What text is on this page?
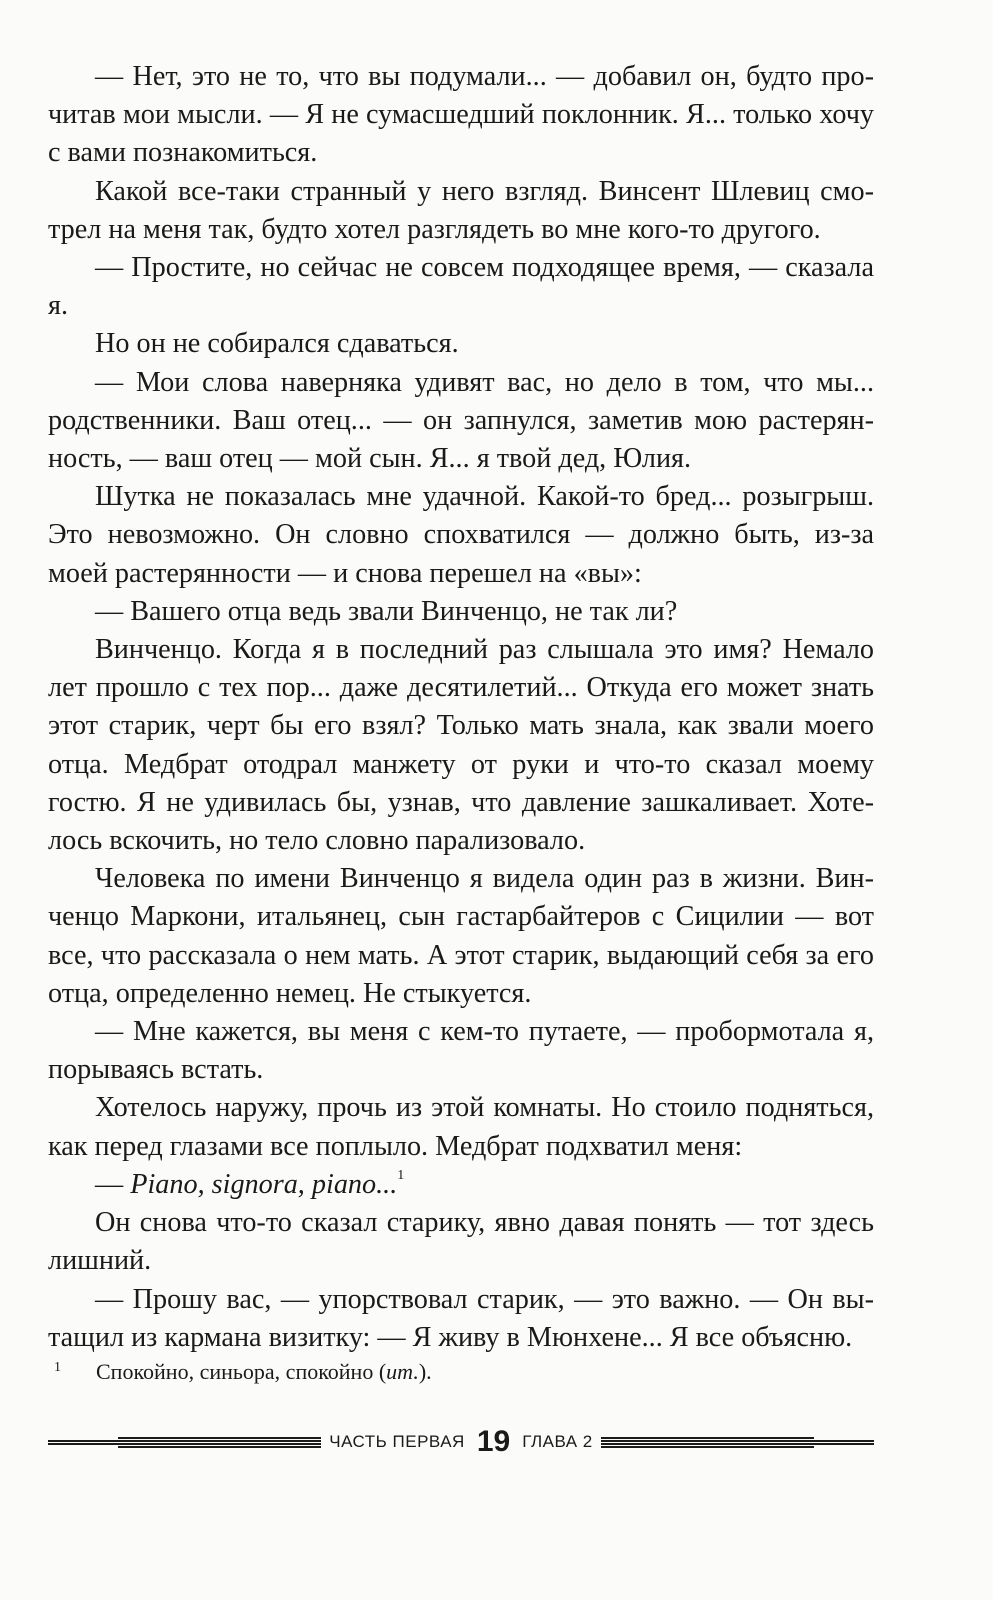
— Нет, это не то, что вы подумали... — добавил он, будто прочитав мои мысли. — Я не сумасшедший поклонник. Я... только хочу с вами познакомиться.

Какой все-таки странный у него взгляд. Винсент Шлевиц смотрел на меня так, будто хотел разглядеть во мне кого-то другого.

— Простите, но сейчас не совсем подходящее время, — сказала я.

Но он не собирался сдаваться.

— Мои слова наверняка удивят вас, но дело в том, что мы... родственники. Ваш отец... — он запнулся, заметив мою растерянность, — ваш отец — мой сын. Я... я твой дед, Юлия.

Шутка не показалась мне удачной. Какой-то бред... розыгрыш. Это невозможно. Он словно спохватился — должно быть, из-за моей растерянности — и снова перешел на «вы»:

— Вашего отца ведь звали Винченцо, не так ли?

Винченцо. Когда я в последний раз слышала это имя? Немало лет прошло с тех пор... даже десятилетий... Откуда его может знать этот старик, черт бы его взял? Только мать знала, как звали моего отца. Медбрат отодрал манжету от руки и что-то сказал моему гостю. Я не удивилась бы, узнав, что давление зашкаливает. Хотелось вскочить, но тело словно парализовало.

Человека по имени Винченцо я видела один раз в жизни. Винченцо Маркони, итальянец, сын гастарбайтеров с Сицилии — вот все, что рассказала о нем мать. А этот старик, выдающий себя за его отца, определенно немец. Не стыкуется.

— Мне кажется, вы меня с кем-то путаете, — пробормотала я, порываясь встать.

Хотелось наружу, прочь из этой комнаты. Но стоило подняться, как перед глазами все поплыло. Медбрат подхватил меня:

— Piano, signora, piano...$^1$

Он снова что-то сказал старику, явно давая понять — тот здесь лишний.

— Прошу вас, — упорствовал старик, — это важно. — Он вытащил из кармана визитку: — Я живу в Мюнхене... Я все объясню.

1	Спокойно, синьора, спокойно (ит.).
ЧАСТЬ ПЕРВАЯ 19 ГЛАВА 2
